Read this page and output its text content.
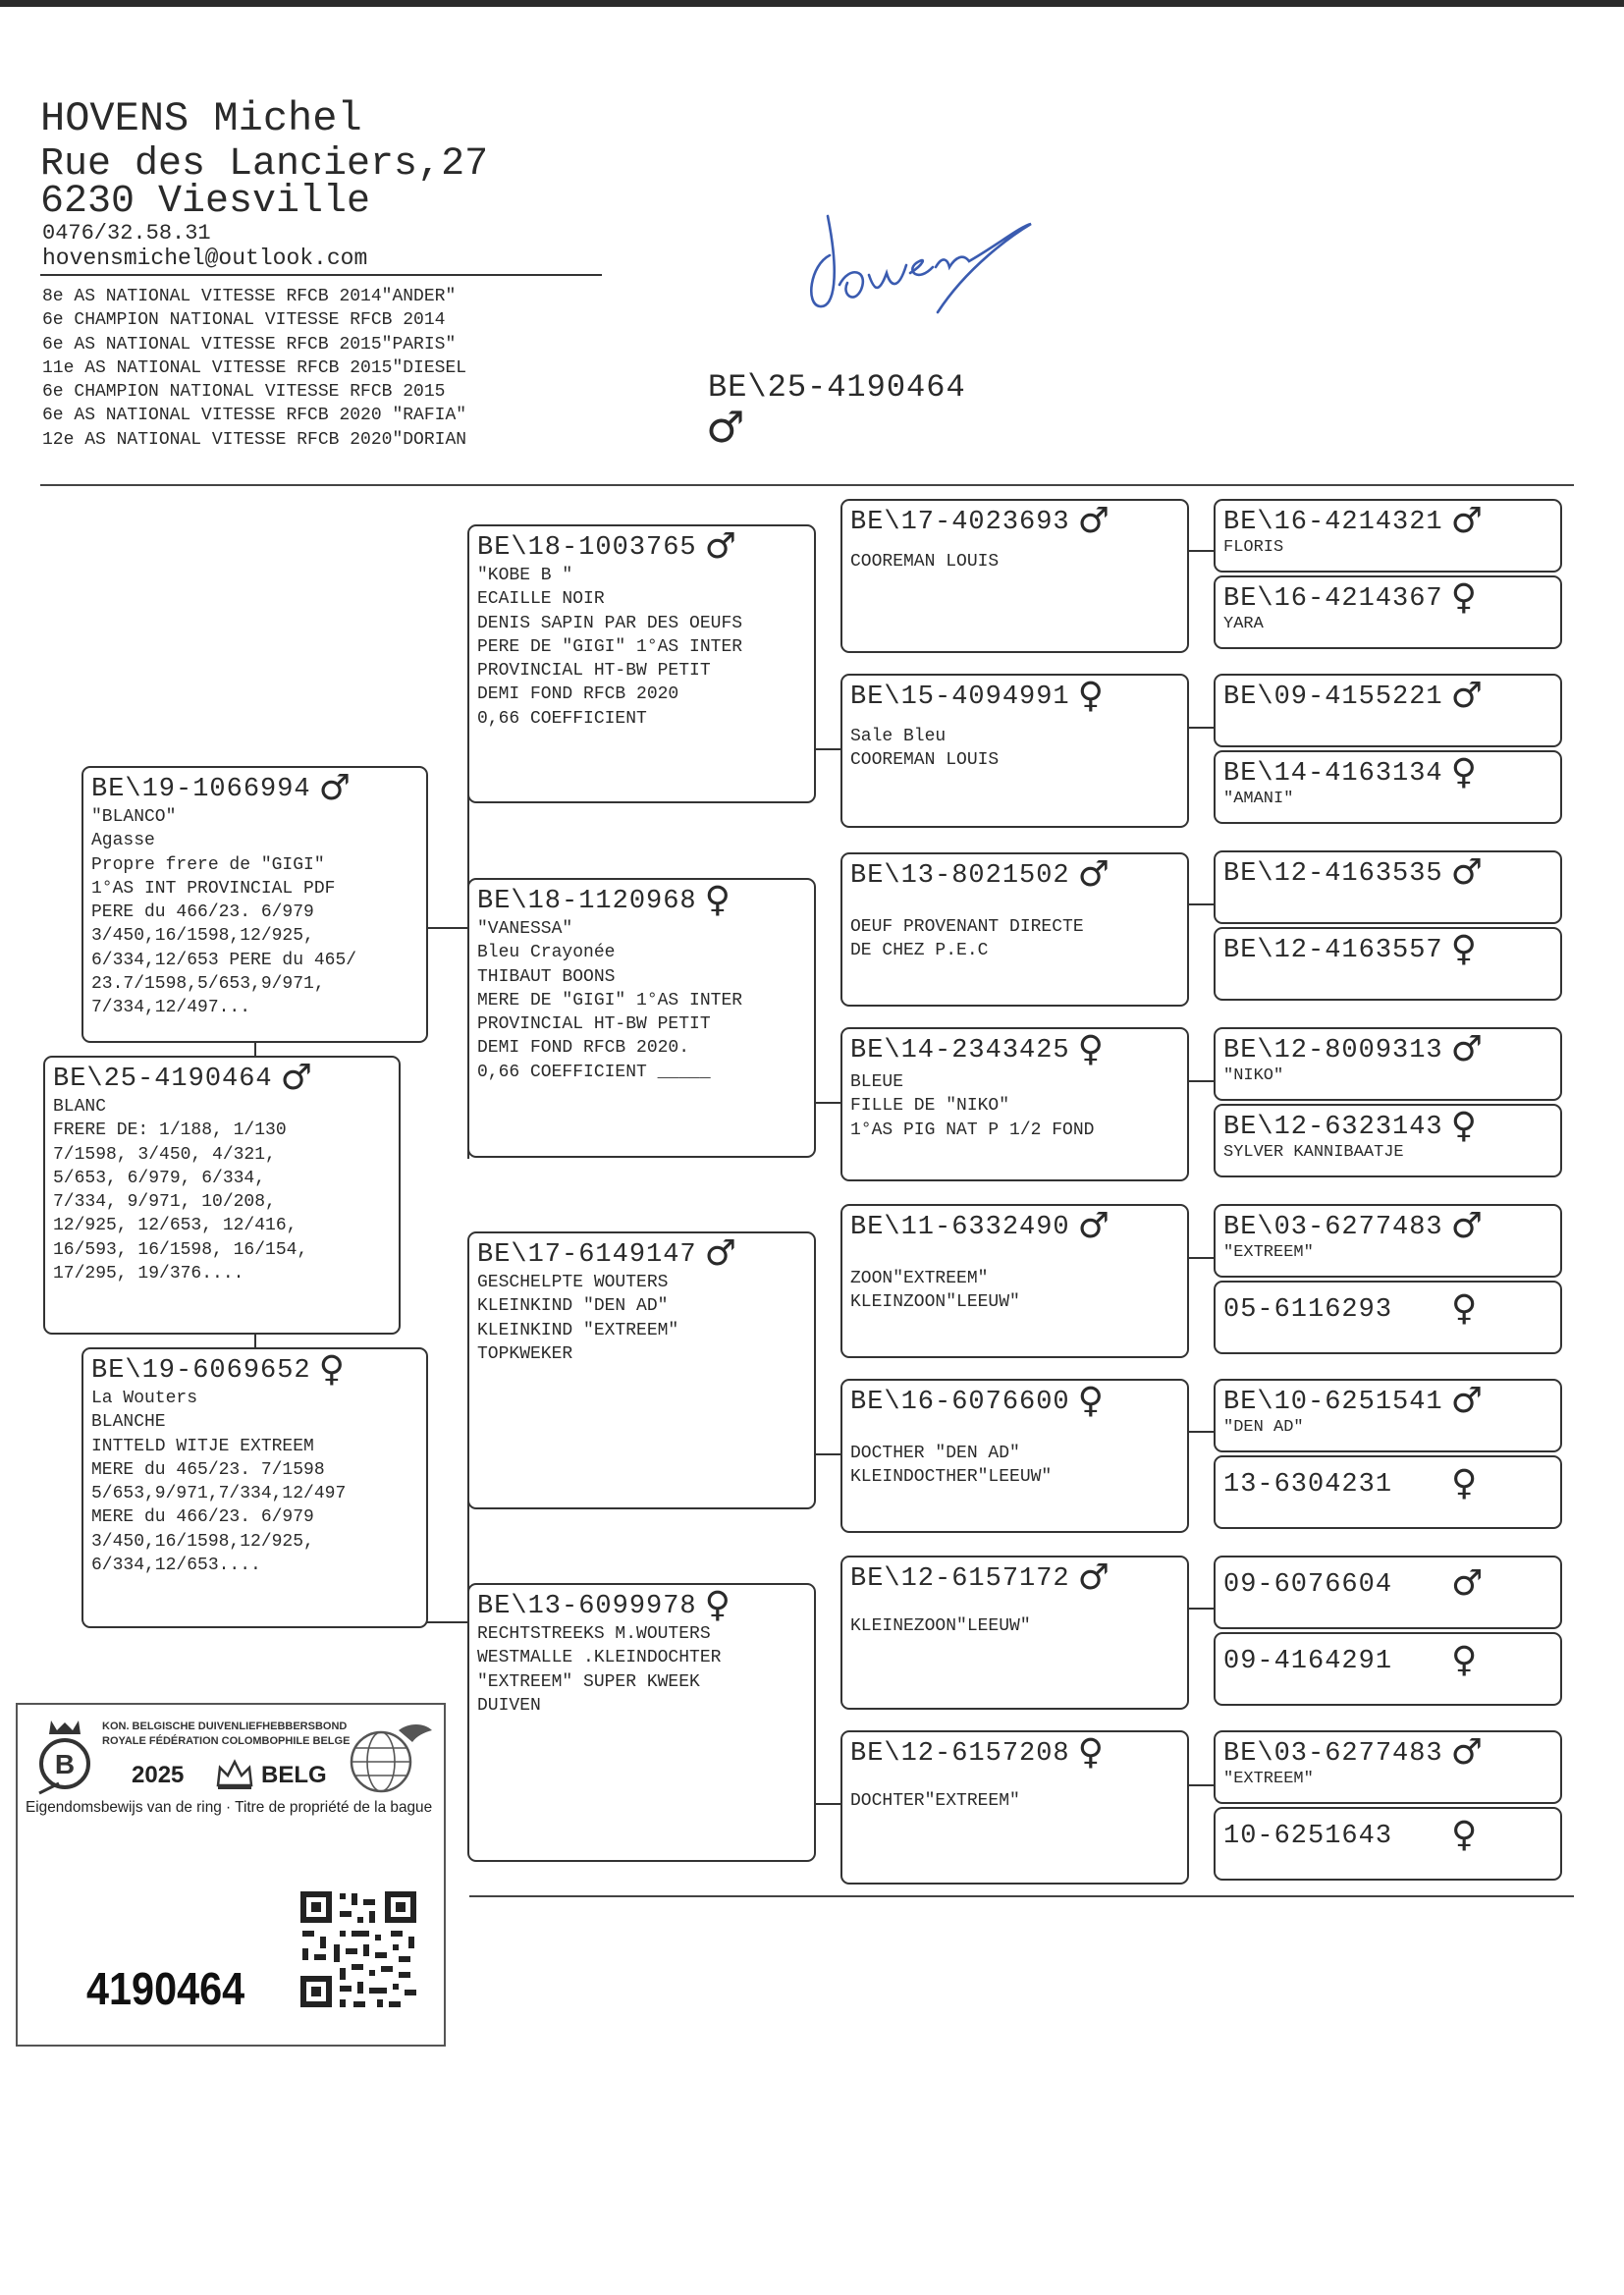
HOVENS Michel
Rue des Lanciers,27
6230 Viesville
0476/32.58.31
hovensmichel@outlook.com
8e AS NATIONAL VITESSE RFCB 2014"ANDER"
6e CHAMPION NATIONAL VITESSE RFCB 2014
6e AS NATIONAL VITESSE RFCB 2015"PARIS"
11e AS NATIONAL VITESSE RFCB 2015"DIESEL
6e CHAMPION NATIONAL VITESSE RFCB 2015
6e AS NATIONAL VITESSE RFCB 2020 "RAFIA"
12e AS NATIONAL VITESSE RFCB 2020"DORIAN
BE\25-4190464
♂
BE\19-1066994 ♂
"BLANCO"
Agasse
Propre frere de "GIGI"
1°AS INT PROVINCIAL PDF
PERE du 466/23. 6/979
3/450,16/1598,12/925,
6/334,12/653 PERE du 465/
23.7/1598,5/653,9/971,
7/334,12/497...
BE\25-4190464 ♂
BLANC
FRERE DE: 1/188, 1/130
7/1598, 3/450, 4/321,
5/653, 6/979, 6/334,
7/334, 9/971, 10/208,
12/925, 12/653, 12/416,
16/593, 16/1598, 16/154,
17/295, 19/376....
BE\19-6069652 ♀
La Wouters
BLANCHE
INTTELD WITJE EXTREEM
MERE du 465/23. 7/1598
5/653,9/971,7/334,12/497
MERE du 466/23. 6/979
3/450,16/1598,12/925,
6/334,12/653....
BE\18-1003765 ♂
"KOBE B "
ECAILLE NOIR
DENIS SAPIN PAR DES OEUFS
PERE DE "GIGI" 1°AS INTER
PROVINCIAL HT-BW PETIT
DEMI FOND RFCB 2020
0,66 COEFFICIENT
BE\18-1120968 ♀
"VANESSA"
Bleu Crayonée
THIBAUT BOONS
MERE DE "GIGI" 1°AS INTER
PROVINCIAL HT-BW PETIT
DEMI FOND RFCB 2020.
0,66 COEFFICIENT _____
BE\17-6149147 ♂
GESCHELPTE WOUTERS
KLEINKIND "DEN AD"
KLEINKIND "EXTREEM"
TOPKWEKER
BE\13-6099978 ♀
RECHTSTREEKS M.WOUTERS
WESTMALLE .KLEINDOCHTER
"EXTREEM" SUPER KWEEK
DUIVEN
BE\17-4023693 ♂
COOREMAN LOUIS
BE\15-4094991 ♀
Sale Bleu
COOREMAN LOUIS
BE\13-8021502 ♂
OEUF PROVENANT DIRECTE
DE CHEZ P.E.C
BE\14-2343425 ♀
BLEUE
FILLE DE "NIKO"
1°AS PIG NAT P 1/2 FOND
BE\11-6332490 ♂
ZOON"EXTREEM"
KLEINZOON"LEEUW"
BE\16-6076600 ♀
DOCTHER "DEN AD"
KLEINDOCTHER"LEEUW"
BE\12-6157172 ♂
KLEINEZOON"LEEUW"
BE\12-6157208 ♀
DOCHTER"EXTREEM"
BE\16-4214321 ♂
FLORIS
BE\16-4214367 ♀
YARA
BE\09-4155221 ♂
BE\14-4163134 ♀
"AMANI"
BE\12-4163535 ♂
BE\12-4163557 ♀
BE\12-8009313 ♂
"NIKO"
BE\12-6323143 ♀
SYLVER KANNIBAATJE
BE\03-6277483 ♂
"EXTREEM"
05-6116293 ♀
BE\10-6251541 ♂
"DEN AD"
13-6304231 ♀
09-6076604 ♂
09-4164291 ♀
BE\03-6277483 ♂
"EXTREEM"
10-6251643 ♀
B
KON. BELGISCHE DUIVENLIEFHEBBERSBOND
ROYALE FÉDÉRATION COLOMBOPHILE BELGE
2025	BELG
Eigendomsbewijs van de ring · Titre de propriété de la bague
4190464
